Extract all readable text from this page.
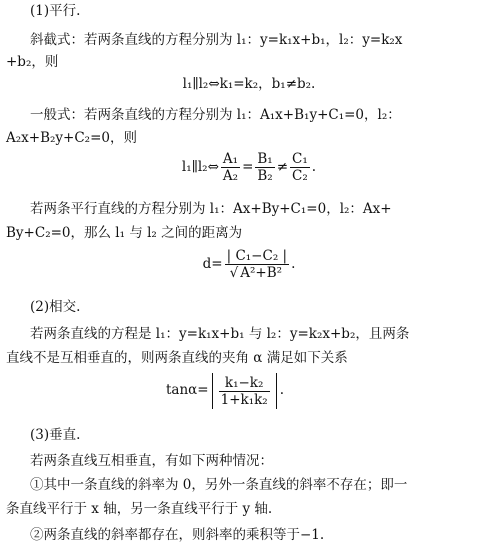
(1)平行.
斜截式：若两条直线的方程分别为 l₁：y=k₁x+b₁，l₂：y=k₂x
+b₂，则
l₁∥l₂⇔k₁=k₂，b₁≠b₂.
一般式：若两条直线的方程分别为 l₁：A₁x+B₁y+C₁=0，l₂：
A₂x+B₂y+C₂=0，则
l₁∥l₂⇔ $\frac{\text{A₁}}{\text{A₂}} = \frac{\text{B₁}}{\text{B₂}} \ne \frac{\text{C₁}}{\text{C₂}}$ .
若两条平行直线的方程分别为 l₁：Ax+By+C₁=0，l₂：Ax+
By+C₂=0，那么 l₁ 与 l₂ 之间的距离为
$d= \frac{\text{| C₁−C₂ |}}{\text{√ A²+B²}}$ .
(2)相交.
若两条直线的方程是 l₁：y=k₁x+b₁ 与 l₂：y=k₂x+b₂，且两条
直线不是互相垂直的，则两条直线的夹角 α 满足如下关系
$\tan\alpha= \frac{\text{k₁−k₂}}{\text{1+k₁k₂}}$ .
(3)垂直.
若两条直线互相垂直，有如下两种情况：
①其中一条直线的斜率为 0，另外一条直线的斜率不存在；即一
条直线平行于 x 轴，另一条直线平行于 y 轴.
②两条直线的斜率都存在，则斜率的乘积等于−1.
